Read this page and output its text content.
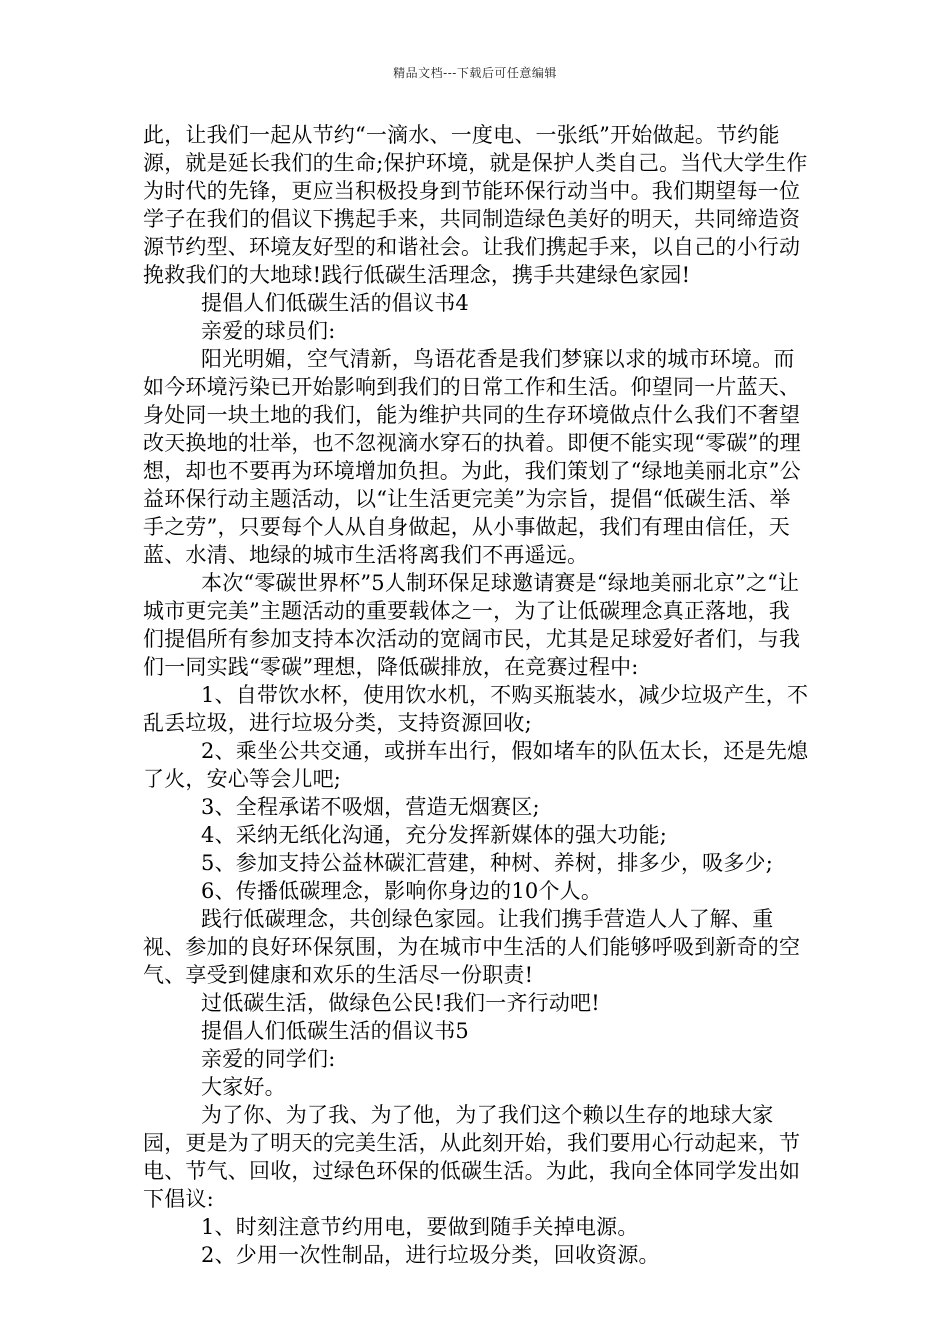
精品文档---下载后可任意编辑

此，让我们一起从节约“一滴水、一度电、一张纸”开始做起。节约能源，就是延长我们的生命;保护环境，就是保护人类自己。当代大学生作为时代的先锋，更应当积极投身到节能环保行动当中。我们期望每一位学子在我们的倡议下携起手来，共同制造绿色美好的明天，共同缔造资源节约型、环境友好型的和谐社会。让我们携起手来，以自己的小行动挽救我们的大地球!践行低碳生活理念，携手共建绿色家园!

提倡人们低碳生活的倡议书4

亲爱的球员们:

阳光明媚，空气清新，鸟语花香是我们梦寐以求的城市环境。而如今环境污染已开始影响到我们的日常工作和生活。仰望同一片蓝天、身处同一块土地的我们，能为维护共同的生存环境做点什么我们不奢望改天换地的壮举，也不忽视滴水穿石的执着。即便不能实现“零碳”的理想，却也不要再为环境增加负担。为此，我们策划了“绿地美丽北京”公益环保行动主题活动，以“让生活更完美”为宗旨，提倡“低碳生活、举手之劳”，只要每个人从自身做起，从小事做起，我们有理由信任，天蓝、水清、地绿的城市生活将离我们不再遥远。

本次“零碳世界杯”5人制环保足球邀请赛是“绿地美丽北京”之“让城市更完美”主题活动的重要载体之一，为了让低碳理念真正落地，我们提倡所有参加支持本次活动的宽阔市民，尤其是足球爱好者们，与我们一同实践“零碳”理想，降低碳排放，在竞赛过程中:

1、自带饮水杯，使用饮水机，不购买瓶装水，减少垃圾产生，不乱丢垃圾，进行垃圾分类，支持资源回收;

2、乘坐公共交通，或拼车出行，假如堵车的队伍太长，还是先熄了火，安心等会儿吧;

3、全程承诺不吸烟，营造无烟赛区;

4、采纳无纸化沟通，充分发挥新媒体的强大功能;

5、参加支持公益林碳汇营建，种树、养树，排多少，吸多少;

6、传播低碳理念，影响你身边的10个人。

践行低碳理念，共创绿色家园。让我们携手营造人人了解、重视、参加的良好环保氛围，为在城市中生活的人们能够呼吸到新奇的空气、享受到健康和欢乐的生活尽一份职责!

过低碳生活，做绿色公民!我们一齐行动吧!

提倡人们低碳生活的倡议书5

亲爱的同学们:

大家好。

为了你、为了我、为了他，为了我们这个赖以生存的地球大家园，更是为了明天的完美生活，从此刻开始，我们要用心行动起来，节电、节气、回收，过绿色环保的低碳生活。为此，我向全体同学发出如下倡议:

1、时刻注意节约用电，要做到随手关掉电源。

2、少用一次性制品，进行垃圾分类，回收资源。
